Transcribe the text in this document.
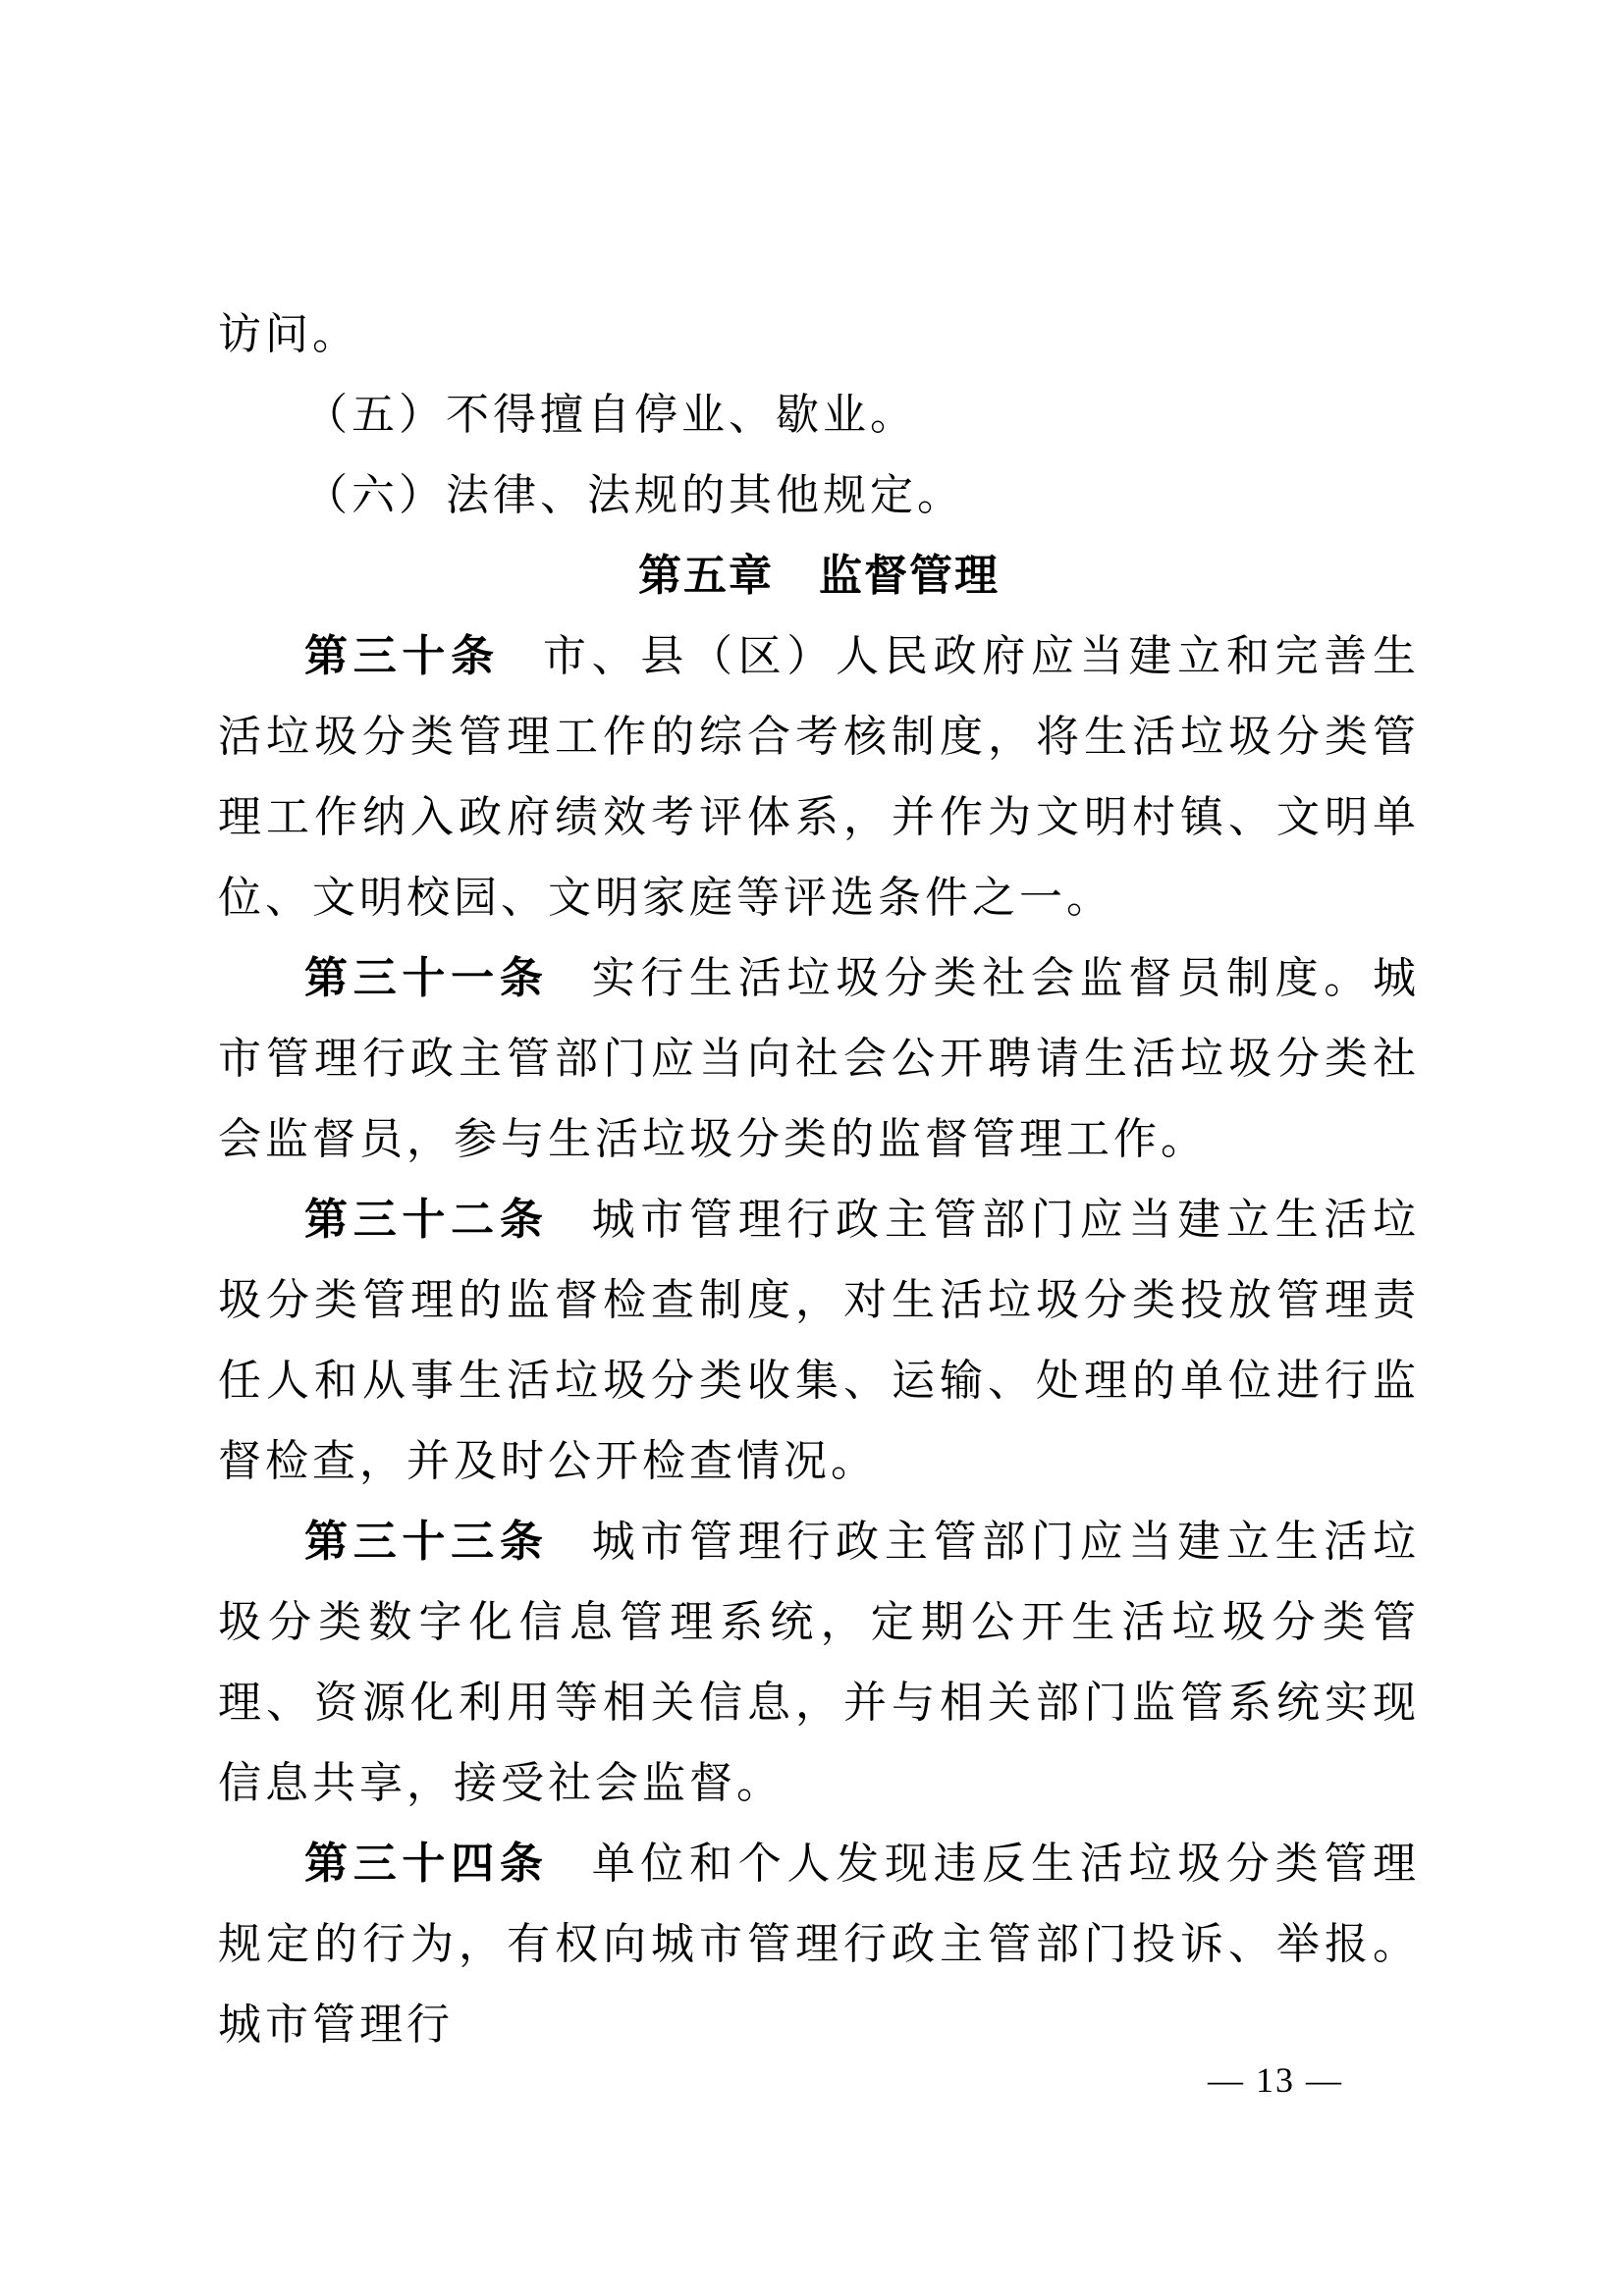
访问。

（五）不得擅自停业、歇业。

（六）法律、法规的其他规定。

第五章　监督管理

第三十条 市、县（区）人民政府应当建立和完善生活垃圾分类管理工作的综合考核制度，将生活垃圾分类管理工作纳入政府绩效考评体系，并作为文明村镇、文明单位、文明校园、文明家庭等评选条件之一。

第三十一条 实行生活垃圾分类社会监督员制度。城市管理行政主管部门应当向社会公开聘请生活垃圾分类社会监督员，参与生活垃圾分类的监督管理工作。

第三十二条 城市管理行政主管部门应当建立生活垃圾分类管理的监督检查制度，对生活垃圾分类投放管理责任人和从事生活垃圾分类收集、运输、处理的单位进行监督检查，并及时公开检查情况。

第三十三条 城市管理行政主管部门应当建立生活垃圾分类数字化信息管理系统，定期公开生活垃圾分类管理、资源化利用等相关信息，并与相关部门监管系统实现信息共享，接受社会监督。

第三十四条 单位和个人发现违反生活垃圾分类管理规定的行为，有权向城市管理行政主管部门投诉、举报。城市管理行

— 13 —
